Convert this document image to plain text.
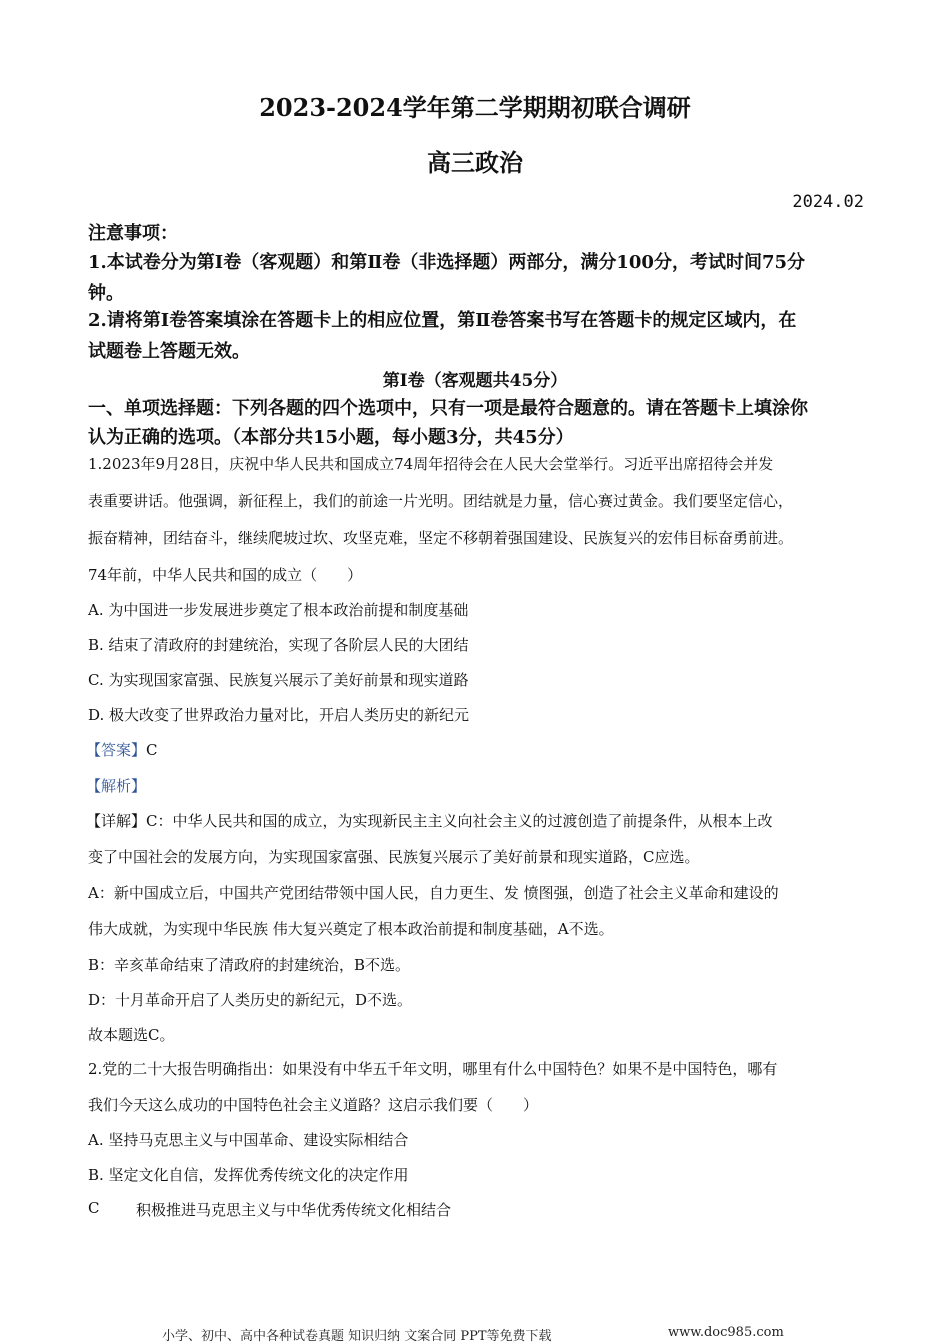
2023-2024学年第二学期期初联合调研
高三政治
2024.02
注意事项：
1.本试卷分为第Ⅰ卷（客观题）和第Ⅱ卷（非选择题）两部分，满分100分，考试时间75分
钟。
2.请将第Ⅰ卷答案填涂在答题卡上的相应位置，第Ⅱ卷答案书写在答题卡的规定区域内，在
试题卷上答题无效。
第Ⅰ卷（客观题共45分）
一、单项选择题：下列各题的四个选项中，只有一项是最符合题意的。请在答题卡上填涂你
认为正确的选项。（本部分共15小题，每小题3分，共45分）
1.2023年9月28日，庆祝中华人民共和国成立74周年招待会在人民大会堂举行。习近平出席招待会并发
表重要讲话。他强调，新征程上，我们的前途一片光明。团结就是力量，信心赛过黄金。我们要坚定信心，
振奋精神，团结奋斗，继续爬坡过坎、攻坚克难，坚定不移朝着强国建设、民族复兴的宏伟目标奋勇前进。
74年前，中华人民共和国的成立（　　）
A. 为中国进一步发展进步奠定了根本政治前提和制度基础
B. 结束了清政府的封建统治，实现了各阶层人民的大团结
C. 为实现国家富强、民族复兴展示了美好前景和现实道路
D. 极大改变了世界政治力量对比，开启人类历史的新纪元
【答案】C
【解析】
【详解】C：中华人民共和国的成立，为实现新民主主义向社会主义的过渡创造了前提条件，从根本上改
变了中国社会的发展方向，为实现国家富强、民族复兴展示了美好前景和现实道路，C应选。
A：新中国成立后，中国共产党团结带领中国人民，自力更生、发 愤图强，创造了社会主义革命和建设的
伟大成就，为实现中华民族 伟大复兴奠定了根本政治前提和制度基础，A不选。
B：辛亥革命结束了清政府的封建统治，B不选。
D：十月革命开启了人类历史的新纪元，D不选。
故本题选C。
2.党的二十大报告明确指出：如果没有中华五千年文明，哪里有什么中国特色？如果不是中国特色，哪有
我们今天这么成功的中国特色社会主义道路？这启示我们要（　　）
A. 坚持马克思主义与中国革命、建设实际相结合
B. 坚定文化自信，发挥优秀传统文化的决定作用
C 积极推进马克思主义与中华优秀传统文化相结合
小学、初中、高中各种试卷真题 知识归纳 文案合同 PPT等免费下载	www.doc985.com
